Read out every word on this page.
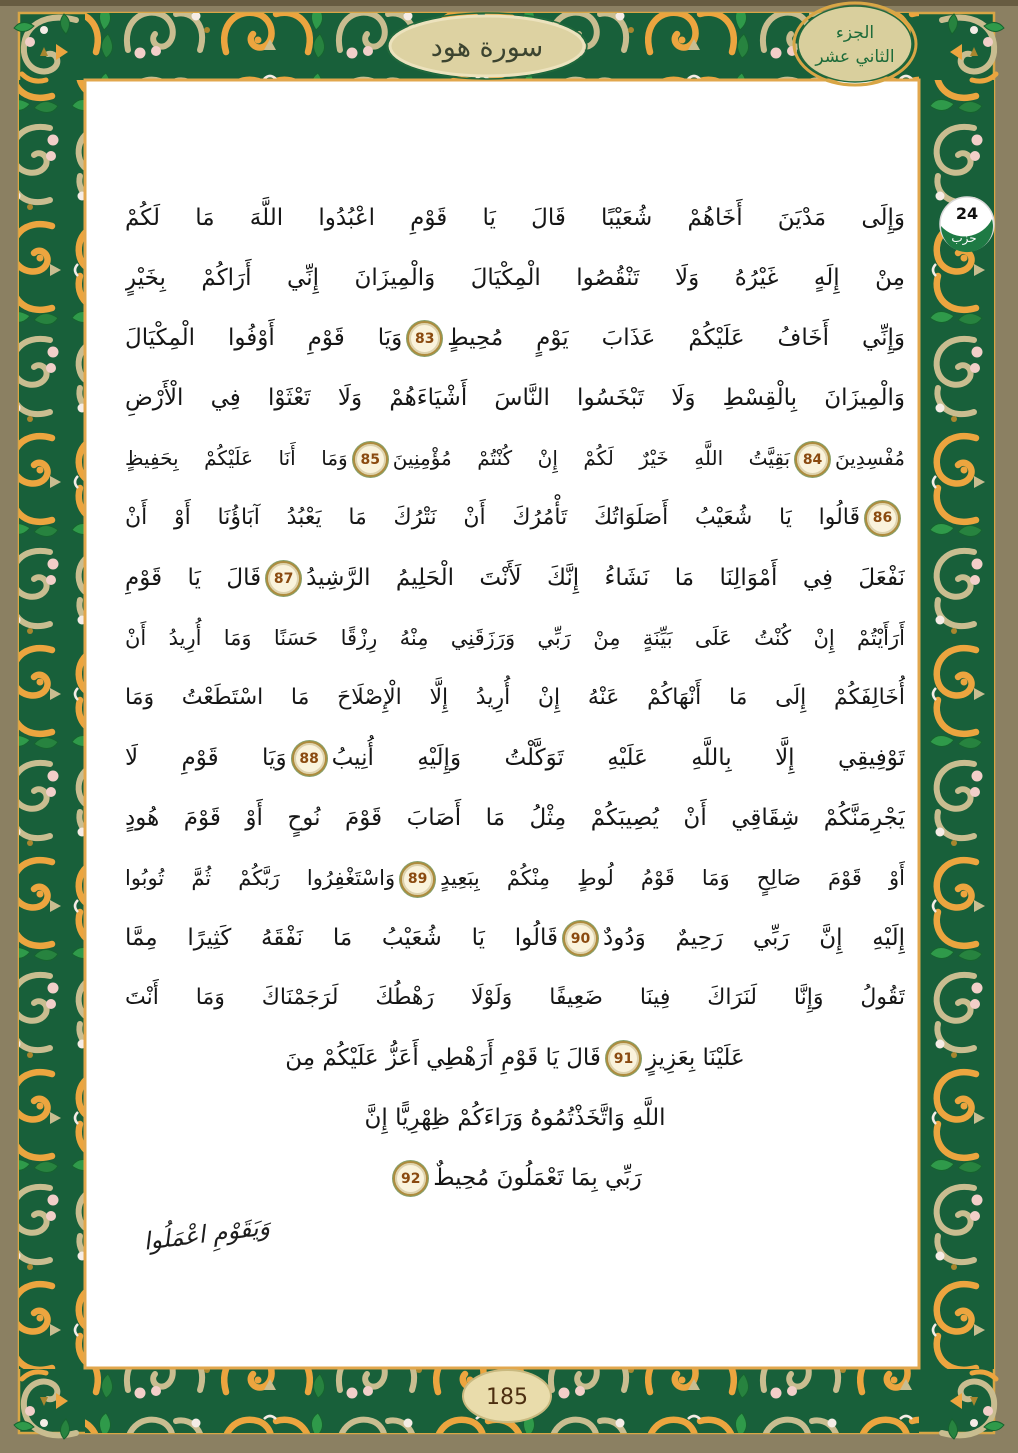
سورة هود	الجزء
الثاني عشر
24
حزب
185
وَإِلَى مَدْيَنَ أَخَاهُمْ شُعَيْبًا قَالَ يَا قَوْمِ اعْبُدُوا اللَّهَ مَا لَكُمْ
مِنْ إِلَهٍ غَيْرُهُ وَلَا تَنْقُصُوا الْمِكْيَالَ وَالْمِيزَانَ إِنِّي أَرَاكُمْ بِخَيْرٍ
وَإِنِّي أَخَافُ عَلَيْكُمْ عَذَابَ يَوْمٍ مُحِيطٍ83وَيَا قَوْمِ أَوْفُوا الْمِكْيَالَ
وَالْمِيزَانَ بِالْقِسْطِ وَلَا تَبْخَسُوا النَّاسَ أَشْيَاءَهُمْ وَلَا تَعْثَوْا فِي الْأَرْضِ
مُفْسِدِينَ84بَقِيَّتُ اللَّهِ خَيْرٌ لَكُمْ إِنْ كُنْتُمْ مُؤْمِنِينَ85وَمَا أَنَا عَلَيْكُمْ بِحَفِيظٍ
86قَالُوا يَا شُعَيْبُ أَصَلَوَاتُكَ تَأْمُرُكَ أَنْ نَتْرُكَ مَا يَعْبُدُ آبَاؤُنَا أَوْ أَنْ
نَفْعَلَ فِي أَمْوَالِنَا مَا نَشَاءُ إِنَّكَ لَأَنْتَ الْحَلِيمُ الرَّشِيدُ87قَالَ يَا قَوْمِ
أَرَأَيْتُمْ إِنْ كُنْتُ عَلَى بَيِّنَةٍ مِنْ رَبِّي وَرَزَقَنِي مِنْهُ رِزْقًا حَسَنًا وَمَا أُرِيدُ أَنْ
أُخَالِفَكُمْ إِلَى مَا أَنْهَاكُمْ عَنْهُ إِنْ أُرِيدُ إِلَّا الْإِصْلَاحَ مَا اسْتَطَعْتُ وَمَا
تَوْفِيقِي إِلَّا بِاللَّهِ عَلَيْهِ تَوَكَّلْتُ وَإِلَيْهِ أُنِيبُ88وَيَا قَوْمِ لَا
يَجْرِمَنَّكُمْ شِقَاقِي أَنْ يُصِيبَكُمْ مِثْلُ مَا أَصَابَ قَوْمَ نُوحٍ أَوْ قَوْمَ هُودٍ
أَوْ قَوْمَ صَالِحٍ وَمَا قَوْمُ لُوطٍ مِنْكُمْ بِبَعِيدٍ89وَاسْتَغْفِرُوا رَبَّكُمْ ثُمَّ تُوبُوا
إِلَيْهِ إِنَّ رَبِّي رَحِيمٌ وَدُودٌ90قَالُوا يَا شُعَيْبُ مَا نَفْقَهُ كَثِيرًا مِمَّا
تَقُولُ وَإِنَّا لَنَرَاكَ فِينَا ضَعِيفًا وَلَوْلَا رَهْطُكَ لَرَجَمْنَاكَ وَمَا أَنْتَ
عَلَيْنَا بِعَزِيزٍ91قَالَ يَا قَوْمِ أَرَهْطِي أَعَزُّ عَلَيْكُمْ مِنَ
اللَّهِ وَاتَّخَذْتُمُوهُ وَرَاءَكُمْ ظِهْرِيًّا إِنَّ
رَبِّي بِمَا تَعْمَلُونَ مُحِيطٌ92
وَيَقَوْمِ اعْمَلُوا
